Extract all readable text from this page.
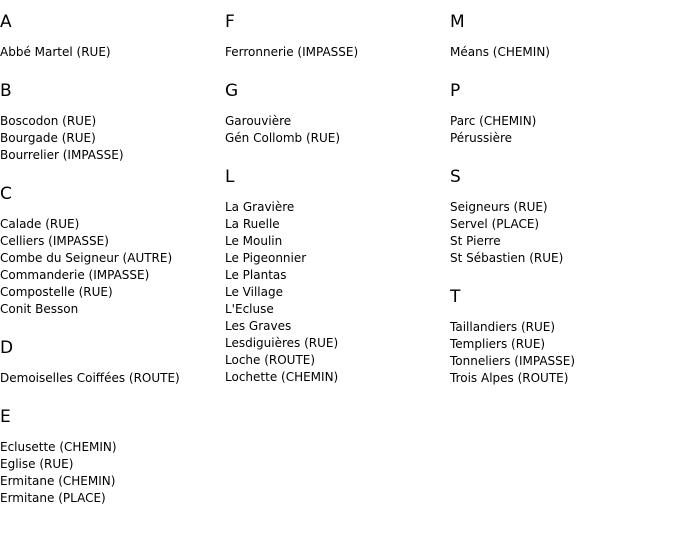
A
Abbé Martel (RUE)
B
Boscodon (RUE)
Bourgade (RUE)
Bourrelier (IMPASSE)
C
Calade (RUE)
Celliers (IMPASSE)
Combe du Seigneur (AUTRE)
Commanderie (IMPASSE)
Compostelle (RUE)
Conit Besson
D
Demoiselles Coiffées (ROUTE)
E
Eclusette (CHEMIN)
Eglise (RUE)
Ermitane (CHEMIN)
Ermitane (PLACE)
F
Ferronnerie (IMPASSE)
G
Garouvière
Gén Collomb (RUE)
L
La Gravière
La Ruelle
Le Moulin
Le Pigeonnier
Le Plantas
Le Village
L'Ecluse
Les Graves
Lesdiguières (RUE)
Loche (ROUTE)
Lochette (CHEMIN)
M
Méans (CHEMIN)
P
Parc (CHEMIN)
Pérussière
S
Seigneurs (RUE)
Servel (PLACE)
St Pierre
St Sébastien (RUE)
T
Taillandiers (RUE)
Templiers (RUE)
Tonneliers (IMPASSE)
Trois Alpes (ROUTE)
